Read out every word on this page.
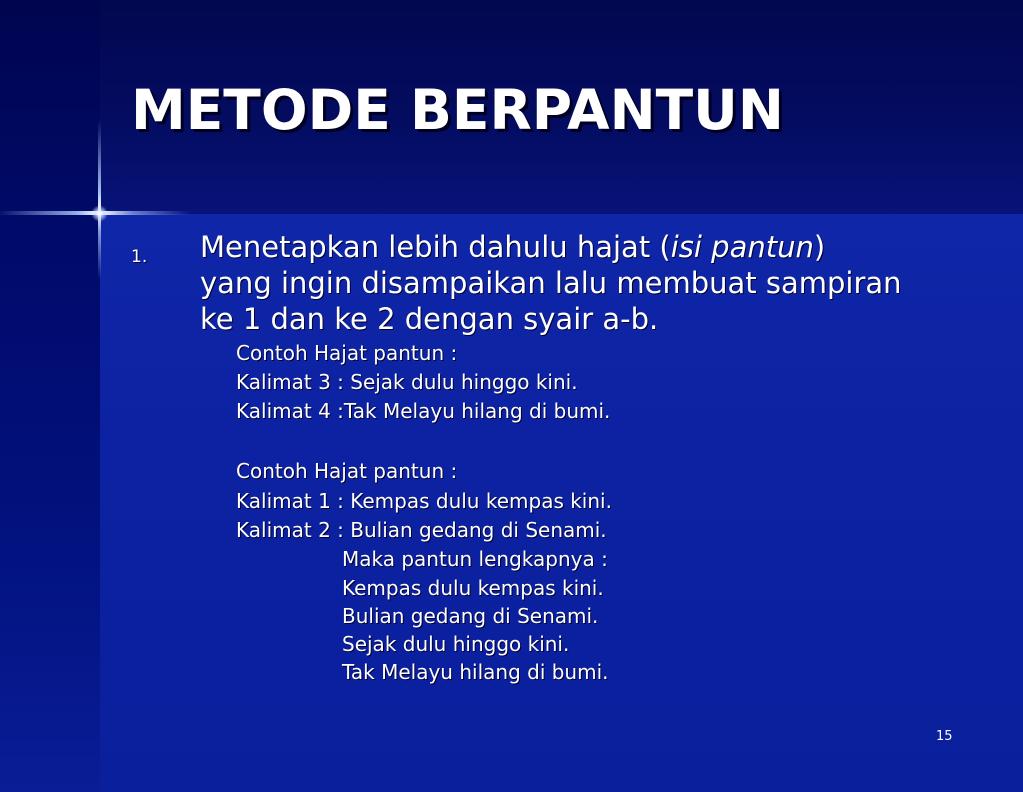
METODE BERPANTUN
1. Menetapkan lebih dahulu hajat (isi pantun)
yang ingin disampaikan lalu membuat sampiran
ke 1 dan ke 2 dengan syair a-b.
Contoh Hajat pantun :
Kalimat 3 : Sejak dulu hinggo kini.
Kalimat 4 :Tak Melayu hilang di bumi.
Contoh Hajat pantun :
Kalimat 1 : Kempas dulu kempas kini.
Kalimat 2 : Bulian gedang di Senami.
Maka pantun lengkapnya :
Kempas dulu kempas kini.
Bulian gedang di Senami.
Sejak dulu hinggo kini.
Tak Melayu hilang di bumi.
15
